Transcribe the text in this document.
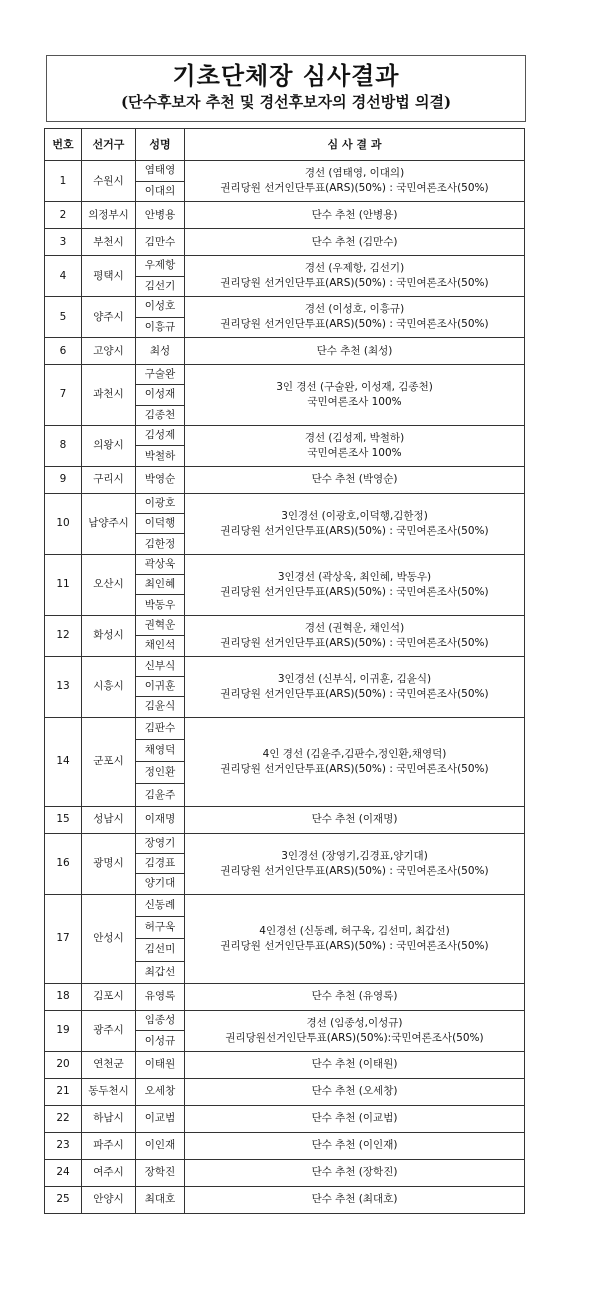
기초단체장 심사결과
(단수후보자 추천 및 경선후보자의 경선방법 의결)
번호	선거구	성명	심 사 결 과
1	수원시	염태영	경선 (염태영, 이대의)
권리당원 선거인단투표(ARS)(50%) : 국민여론조사(50%)

		이대의	
2	의정부시	안병용	단수 추천 (안병용)

3	부천시	김만수	단수 추천 (김만수)

4	평택시	우제항	경선 (우제항, 김선기)
권리당원 선거인단투표(ARS)(50%) : 국민여론조사(50%)

		김선기	
5	양주시	이성호	경선 (이성호, 이흥규)
권리당원 선거인단투표(ARS)(50%) : 국민여론조사(50%)

		이흥규	
6	고양시	최성	단수 추천 (최성)

7	과천시	구술완	3인 경선 (구술완, 이성재, 김종천)
국민여론조사 100%

		이성재	
		김종천	
8	의왕시	김성제	경선 (김성제, 박철하)
국민여론조사 100%

		박철하	
9	구리시	박영순	단수 추천 (박영순)

10	남양주시	이광호	3인경선 (이광호,이덕행,김한정)
권리당원 선거인단투표(ARS)(50%) : 국민여론조사(50%)

		이덕행	
		김한정	
11	오산시	곽상욱	3인경선 (곽상욱, 최인혜, 박동우)
권리당원 선거인단투표(ARS)(50%) : 국민여론조사(50%)

		최인혜	
		박동우	
12	화성시	권혁운	경선 (권혁운, 채인석)
권리당원 선거인단투표(ARS)(50%) : 국민여론조사(50%)

		채인석	
13	시흥시	신부식	3인경선 (신부식, 이귀훈, 김윤식)
권리당원 선거인단투표(ARS)(50%) : 국민여론조사(50%)

		이귀훈	
		김윤식	
14	군포시	김판수	4인 경선 (김윤주,김판수,정인환,채영덕)
권리당원 선거인단투표(ARS)(50%) : 국민여론조사(50%)

		채영덕	
		정인환	
		김윤주	
15	성남시	이재명	단수 추천 (이재명)

16	광명시	장영기	3인경선 (장영기,김경표,양기대)
권리당원 선거인단투표(ARS)(50%) : 국민여론조사(50%)

		김경표	
		양기대	
17	안성시	신동례	4인경선 (신동례, 허구욱, 김선미, 최갑선)
권리당원 선거인단투표(ARS)(50%) : 국민여론조사(50%)

		허구욱	
		김선미	
		최갑선	
18	김포시	유영록	단수 추천 (유영록)

19	광주시	임종성	경선 (임종성,이성규)
권리당원선거인단투표(ARS)(50%):국민여론조사(50%)

		이성규	
20	연천군	이태원	단수 추천 (이태원)

21	동두천시	오세창	단수 추천 (오세창)

22	하남시	이교범	단수 추천 (이교범)

23	파주시	이인재	단수 추천 (이인재)

24	여주시	장학진	단수 추천 (장학진)

25	안양시	최대호	단수 추천 (최대호)
